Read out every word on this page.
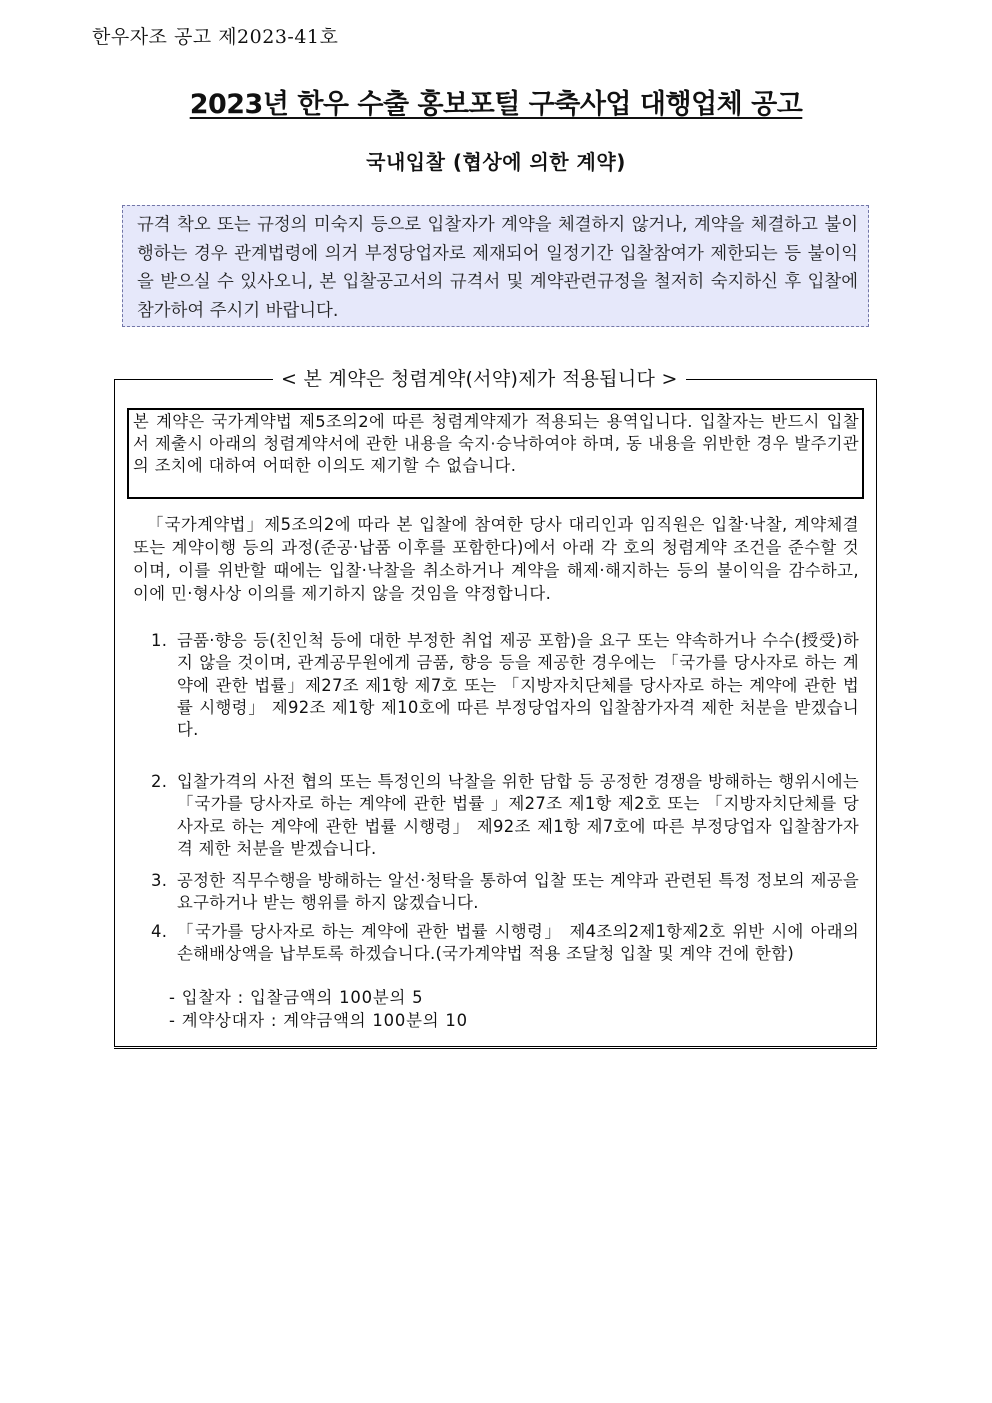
한우자조 공고 제2023-41호
2023년 한우 수출 홍보포털 구축사업 대행업체 공고
국내입찰 (협상에 의한 계약)
규격 착오 또는 규정의 미숙지 등으로 입찰자가 계약을 체결하지 않거나, 계약을 체결하고 불이행하는 경우 관계법령에 의거 부정당업자로 제재되어 일정기간 입찰참여가 제한되는 등 불이익을 받으실 수 있사오니, 본 입찰공고서의 규격서 및 계약관련규정을 철저히 숙지하신 후 입찰에 참가하여 주시기 바랍니다.
< 본 계약은 청렴계약(서약)제가 적용됩니다 >
본 계약은 국가계약법 제5조의2에 따른 청렴계약제가 적용되는 용역입니다. 입찰자는 반드시 입찰서 제출시 아래의 청렴계약서에 관한 내용을 숙지·승낙하여야 하며, 동 내용을 위반한 경우 발주기관의 조치에 대하여 어떠한 이의도 제기할 수 없습니다.
「국가계약법」제5조의2에 따라 본 입찰에 참여한 당사 대리인과 임직원은 입찰·낙찰, 계약체결 또는 계약이행 등의 과정(준공·납품 이후를 포함한다)에서 아래 각 호의 청렴계약 조건을 준수할 것이며, 이를 위반할 때에는 입찰·낙찰을 취소하거나 계약을 해제·해지하는 등의 불이익을 감수하고, 이에 민·형사상 이의를 제기하지 않을 것임을 약정합니다.
1. 금품·향응 등(친인척 등에 대한 부정한 취업 제공 포함)을 요구 또는 약속하거나 수수(授受)하지 않을 것이며, 관계공무원에게 금품, 향응 등을 제공한 경우에는 「국가를 당사자로 하는 계약에 관한 법률」제27조 제1항 제7호 또는 「지방자치단체를 당사자로 하는 계약에 관한 법률 시행령」 제92조 제1항 제10호에 따른 부정당업자의 입찰참가자격 제한 처분을 받겠습니다.
2. 입찰가격의 사전 협의 또는 특정인의 낙찰을 위한 담합 등 공정한 경쟁을 방해하는 행위시에는 「국가를 당사자로 하는 계약에 관한 법률 」제27조 제1항 제2호 또는 「지방자치단체를 당사자로 하는 계약에 관한 법률 시행령」 제92조 제1항 제7호에 따른 부정당업자 입찰참가자격 제한 처분을 받겠습니다.
3. 공정한 직무수행을 방해하는 알선·청탁을 통하여 입찰 또는 계약과 관련된 특정 정보의 제공을 요구하거나 받는 행위를 하지 않겠습니다.
4. 「국가를 당사자로 하는 계약에 관한 법률 시행령」 제4조의2제1항제2호 위반 시에 아래의 손해배상액을 납부토록 하겠습니다.(국가계약법 적용 조달청 입찰 및 계약 건에 한함)
- 입찰자 : 입찰금액의 100분의 5
- 계약상대자 : 계약금액의 100분의 10
